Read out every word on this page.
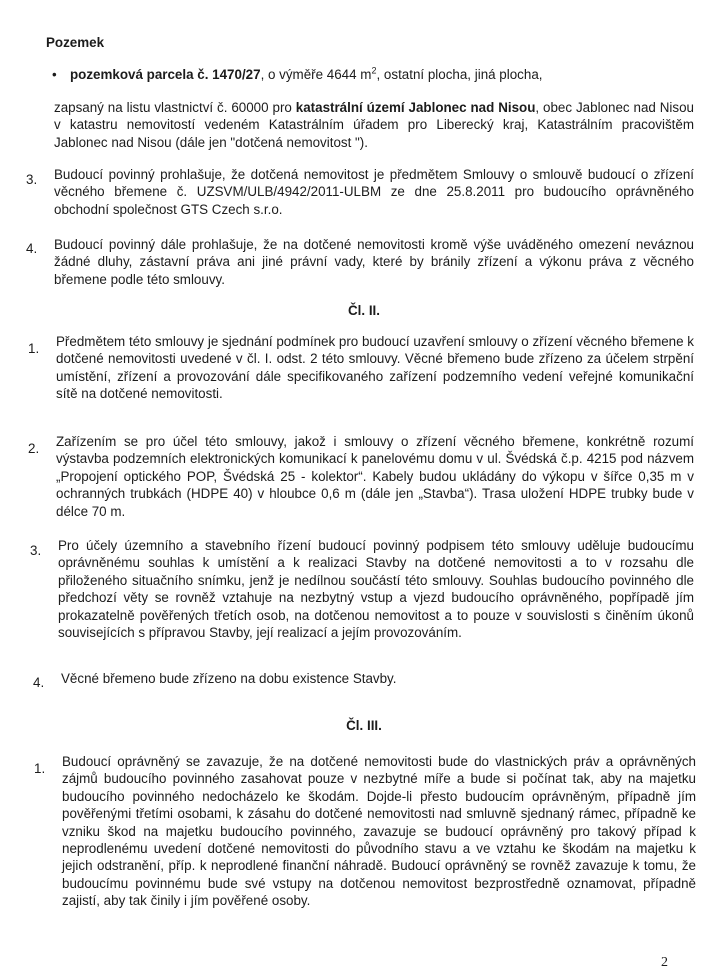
Pozemek
• pozemková parcela č. 1470/27, o výměře 4644 $m^2$, ostatní plocha, jiná plocha,
zapsaný na listu vlastnictví č. 60000 pro katastrální území Jablonec nad Nisou, obec Jablonec nad Nisou v katastru nemovitostí vedeném Katastrálním úřadem pro Liberecký kraj, Katastrálním pracovištěm Jablonec nad Nisou (dále jen "dotčená nemovitost ").
3. Budoucí povinný prohlašuje, že dotčená nemovitost je předmětem Smlouvy o smlouvě budoucí o zřízení věcného břemene č. UZSVM/ULB/4942/2011-ULBM ze dne 25.8.2011 pro budoucího oprávněného obchodní společnost GTS Czech s.r.o.
4. Budoucí povinný dále prohlašuje, že na dotčené nemovitosti kromě výše uváděného omezení neváznou žádné dluhy, zástavní práva ani jiné právní vady, které by bránily zřízení a výkonu práva z věcného břemene podle této smlouvy.
Čl. II.
1. Předmětem této smlouvy je sjednání podmínek pro budoucí uzavření smlouvy o zřízení věcného břemene k dotčené nemovitosti uvedené v čl. I. odst. 2 této smlouvy. Věcné břemeno bude zřízeno za účelem strpění umístění, zřízení a provozování dále specifikovaného zařízení podzemního vedení veřejné komunikační sítě na dotčené nemovitosti.
2. Zařízením se pro účel této smlouvy, jakož i smlouvy o zřízení věcného břemene, konkrétně rozumí výstavba podzemních elektronických komunikací k panelovému domu v ul. Švédská č.p. 4215 pod názvem „Propojení optického POP, Švédská 25 - kolektor“. Kabely budou ukládány do výkopu v šířce 0,35 m v ochranných trubkách (HDPE 40) v hloubce 0,6 m (dále jen „Stavba“). Trasa uložení HDPE trubky bude v délce 70 m.
3. Pro účely územního a stavebního řízení budoucí povinný podpisem této smlouvy uděluje budoucímu oprávněnému souhlas k umístění a k realizaci Stavby na dotčené nemovitosti a to v rozsahu dle přiloženého situačního snímku, jenž je nedílnou součástí této smlouvy. Souhlas budoucího povinného dle předchozí věty se rovněž vztahuje na nezbytný vstup a vjezd budoucího oprávněného, popřípadě jím prokazatelně pověřených třetích osob, na dotčenou nemovitost a to pouze v souvislosti s činěním úkonů souvisejících s přípravou Stavby, její realizací a jejím provozováním.
4. Věcné břemeno bude zřízeno na dobu existence Stavby.
Čl. III.
1. Budoucí oprávněný se zavazuje, že na dotčené nemovitosti bude do vlastnických práv a oprávněných zájmů budoucího povinného zasahovat pouze v nezbytné míře a bude si počínat tak, aby na majetku budoucího povinného nedocházelo ke škodám. Dojde-li přesto budoucím oprávněným, případně jím pověřenými třetími osobami, k zásahu do dotčené nemovitosti nad smluvně sjednaný rámec, případně ke vzniku škod na majetku budoucího povinného, zavazuje se budoucí oprávněný pro takový případ k neprodlenému uvedení dotčené nemovitosti do původního stavu a ve vztahu ke škodám na majetku k jejich odstranění, příp. k neprodlené finanční náhradě. Budoucí oprávněný se rovněž zavazuje k tomu, že budoucímu povinnému bude své vstupy na dotčenou nemovitost bezprostředně oznamovat, případně zajistí, aby tak činily i jím pověřené osoby.
2
